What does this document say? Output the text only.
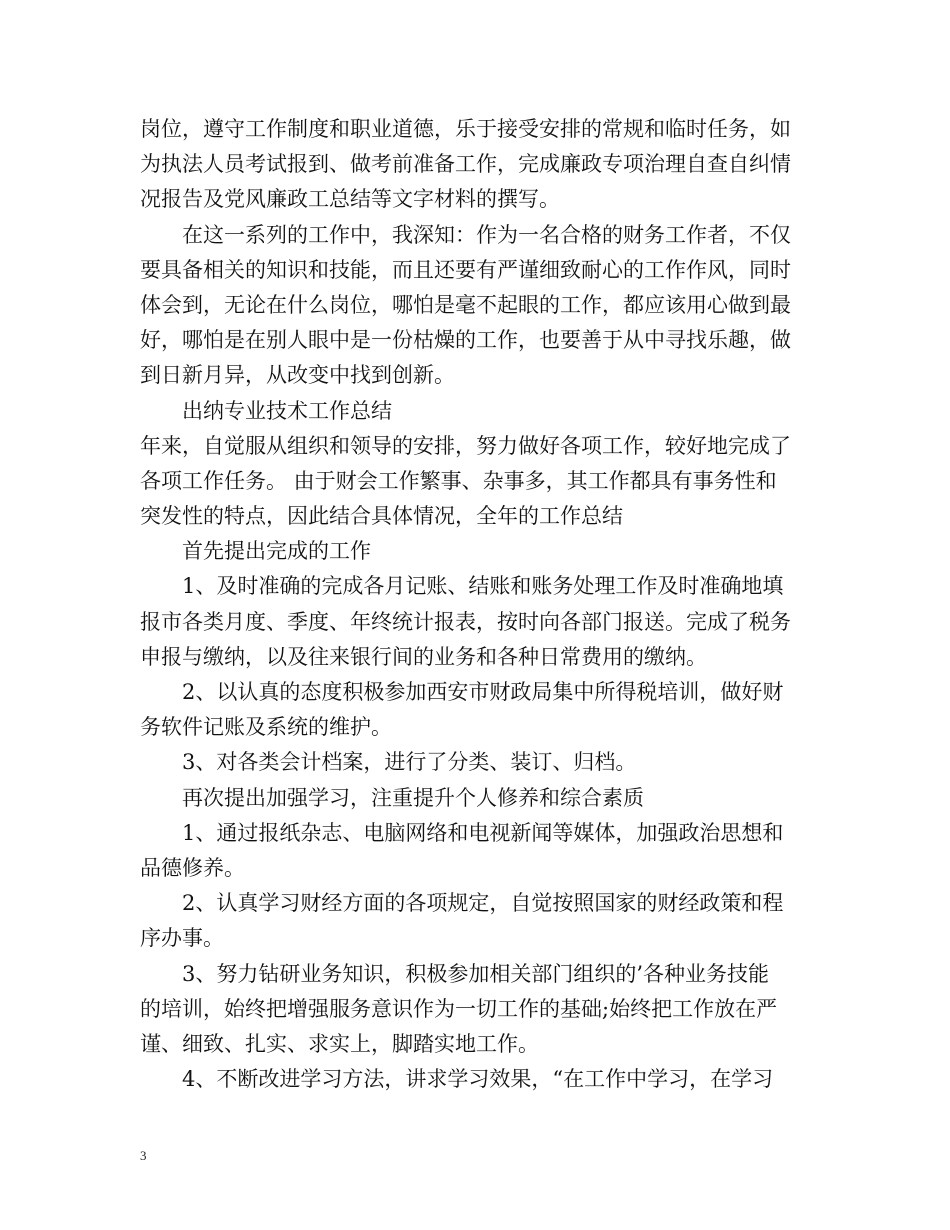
岗位，遵守工作制度和职业道德，乐于接受安排的常规和临时任务，如
为执法人员考试报到、做考前准备工作，完成廉政专项治理自查自纠情
况报告及党风廉政工总结等文字材料的撰写。
在这一系列的工作中，我深知：作为一名合格的财务工作者，不仅
要具备相关的知识和技能，而且还要有严谨细致耐心的工作作风，同时
体会到，无论在什么岗位，哪怕是毫不起眼的工作，都应该用心做到最
好，哪怕是在别人眼中是一份枯燥的工作，也要善于从中寻找乐趣，做
到日新月异，从改变中找到创新。
出纳专业技术工作总结
年来，自觉服从组织和领导的安排，努力做好各项工作，较好地完成了
各项工作任务。 由于财会工作繁事、杂事多，其工作都具有事务性和
突发性的特点，因此结合具体情况，全年的工作总结
首先提出完成的工作
1、及时准确的完成各月记账、结账和账务处理工作及时准确地填
报市各类月度、季度、年终统计报表，按时向各部门报送。完成了税务
申报与缴纳，以及往来银行间的业务和各种日常费用的缴纳。
2、以认真的态度积极参加西安市财政局集中所得税培训，做好财
务软件记账及系统的维护。
3、对各类会计档案，进行了分类、装订、归档。
再次提出加强学习，注重提升个人修养和综合素质
1、通过报纸杂志、电脑网络和电视新闻等媒体，加强政治思想和
品德修养。
2、认真学习财经方面的各项规定，自觉按照国家的财经政策和程
序办事。
3、努力钻研业务知识，积极参加相关部门组织的’各种业务技能
的培训，始终把增强服务意识作为一切工作的基础;始终把工作放在严
谨、细致、扎实、求实上，脚踏实地工作。
4、不断改进学习方法，讲求学习效果，“在工作中学习，在学习
3
